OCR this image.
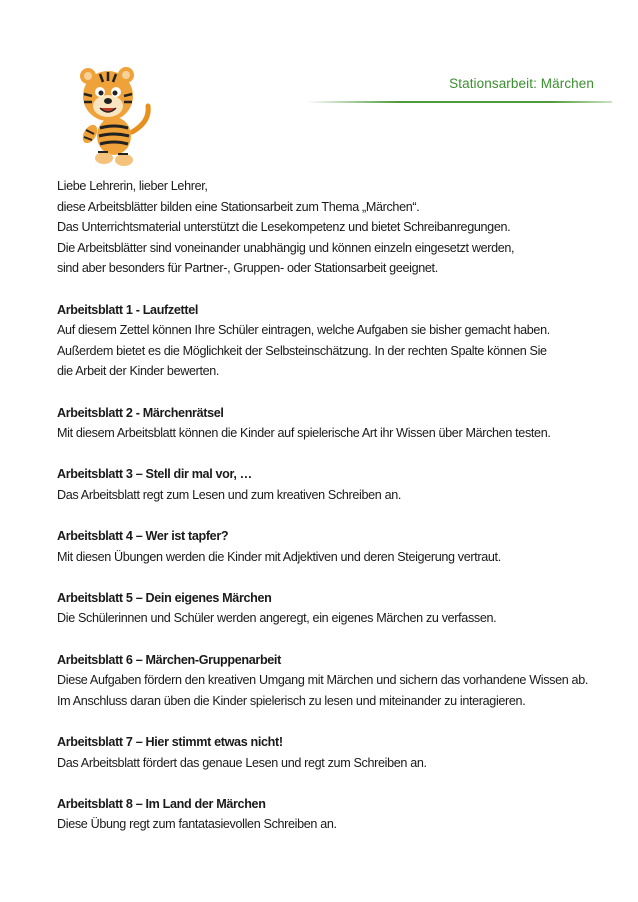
Stationsarbeit: Märchen
Liebe Lehrerin, lieber Lehrer,
diese Arbeitsblätter bilden eine Stationsarbeit zum Thema „Märchen“.
Das Unterrichtsmaterial unterstützt die Lesekompetenz und bietet Schreibanregungen.
Die Arbeitsblätter sind voneinander unabhängig und können einzeln eingesetzt werden,
sind aber besonders für Partner-, Gruppen- oder Stationsarbeit geeignet.
Arbeitsblatt 1 - Laufzettel
Auf diesem Zettel können Ihre Schüler eintragen, welche Aufgaben sie bisher gemacht haben.
Außerdem bietet es die Möglichkeit der Selbsteinschätzung. In der rechten Spalte können Sie
die Arbeit der Kinder bewerten.
Arbeitsblatt 2 - Märchenrätsel
Mit diesem Arbeitsblatt können die Kinder auf spielerische Art ihr Wissen über Märchen testen.
Arbeitsblatt 3 – Stell dir mal vor, …
Das Arbeitsblatt regt zum Lesen und zum kreativen Schreiben an.
Arbeitsblatt 4 – Wer ist tapfer?
Mit diesen Übungen werden die Kinder mit Adjektiven und deren Steigerung vertraut.
Arbeitsblatt 5 – Dein eigenes Märchen
Die Schülerinnen und Schüler werden angeregt, ein eigenes Märchen zu verfassen.
Arbeitsblatt 6 – Märchen-Gruppenarbeit
Diese Aufgaben fördern den kreativen Umgang mit Märchen und sichern das vorhandene Wissen ab.
Im Anschluss daran üben die Kinder spielerisch zu lesen und miteinander zu interagieren.
Arbeitsblatt 7 – Hier stimmt etwas nicht!
Das Arbeitsblatt fördert das genaue Lesen und regt zum Schreiben an.
Arbeitsblatt 8 – Im Land der Märchen
Diese Übung regt zum fantatasievollen Schreiben an.
